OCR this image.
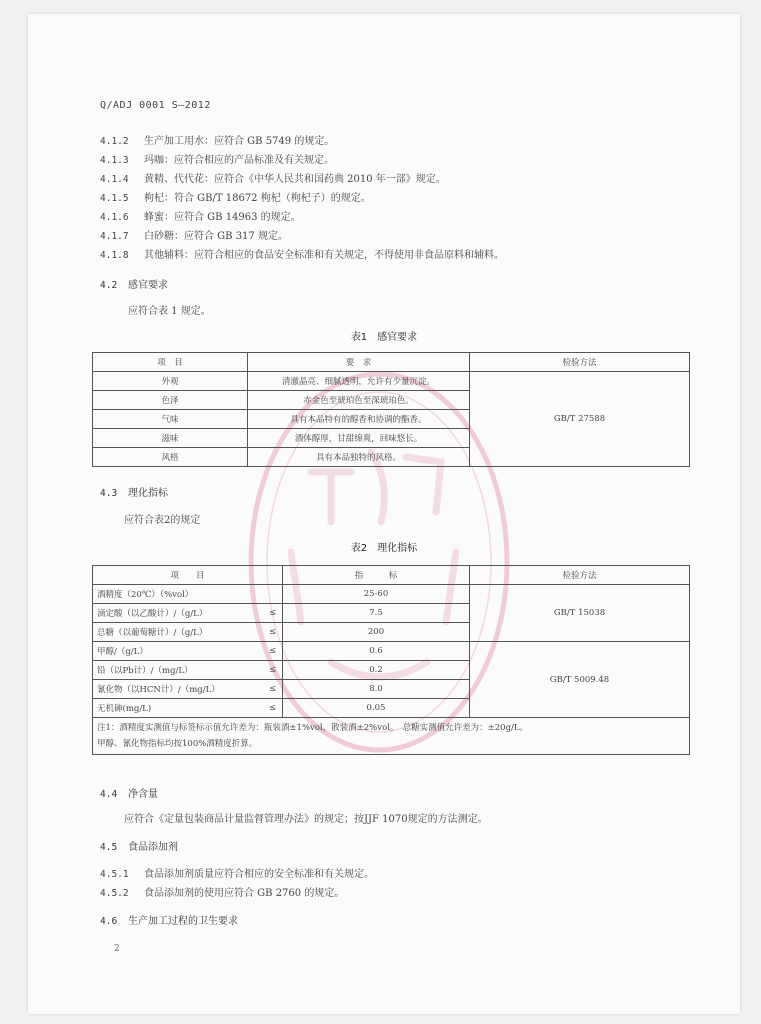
Q/ADJ 0001 S—2012
4.1.2 生产加工用水：应符合 GB 5749 的规定。
4.1.3 玛咖：应符合相应的产品标准及有关规定。
4.1.4 黄精、代代花：应符合《中华人民共和国药典 2010 年一部》规定。
4.1.5 枸杞：符合 GB/T 18672 枸杞（枸杞子）的规定。
4.1.6 蜂蜜：应符合 GB 14963 的规定。
4.1.7 白砂糖：应符合 GB 317 规定。
4.1.8 其他辅料：应符合相应的食品安全标准和有关规定，不得使用非食品原料和辅料。
4.2 感官要求
应符合表 1 规定。
表1　感官要求
项　目	要　求	检验方法
外观	清澈晶亮、细腻透明，允许有少量沉淀。	GB/T 27588
色泽	赤金色至琥珀色至深琥珀色。	
气味	具有本品特有的醇香和协调的酯香。	
滋味	酒体醇厚，甘甜绵爽，回味悠长。	
风格	具有本品独特的风格。	
4.3 理化指标
应符合表2的规定
表2　理化指标
项　　目	指　　　标	检验方法
酒精度（20℃）（%vol）	25-60	GB/T 15038
滴定酸（以乙酸计）/（g/L） ≤	7.5	
总糖（以葡萄糖计）/（g/L） ≤	200	
甲醇/（g/L） ≤	0.6	GB/T 5009.48
铅（以Pb计）/（mg/L） ≤	0.2	
氰化物（以HCN计）/（mg/L） ≤	8.0	
无机砷(mg/L) ≤	0.05	

注1：酒精度实测值与标签标示值允许差为：瓶装酒±1%vol，散装酒±2%vol。　总糖实测值允许差为：±20g/L。
甲醇、氰化物指标均按100%酒精度折算。		
4.4 净含量
应符合《定量包装商品计量监督管理办法》的规定；按JJF 1070规定的方法测定。
4.5 食品添加剂
4.5.1 食品添加剂质量应符合相应的安全标准和有关规定。
4.5.2 食品添加剂的使用应符合 GB 2760 的规定。
4.6 生产加工过程的卫生要求
2
